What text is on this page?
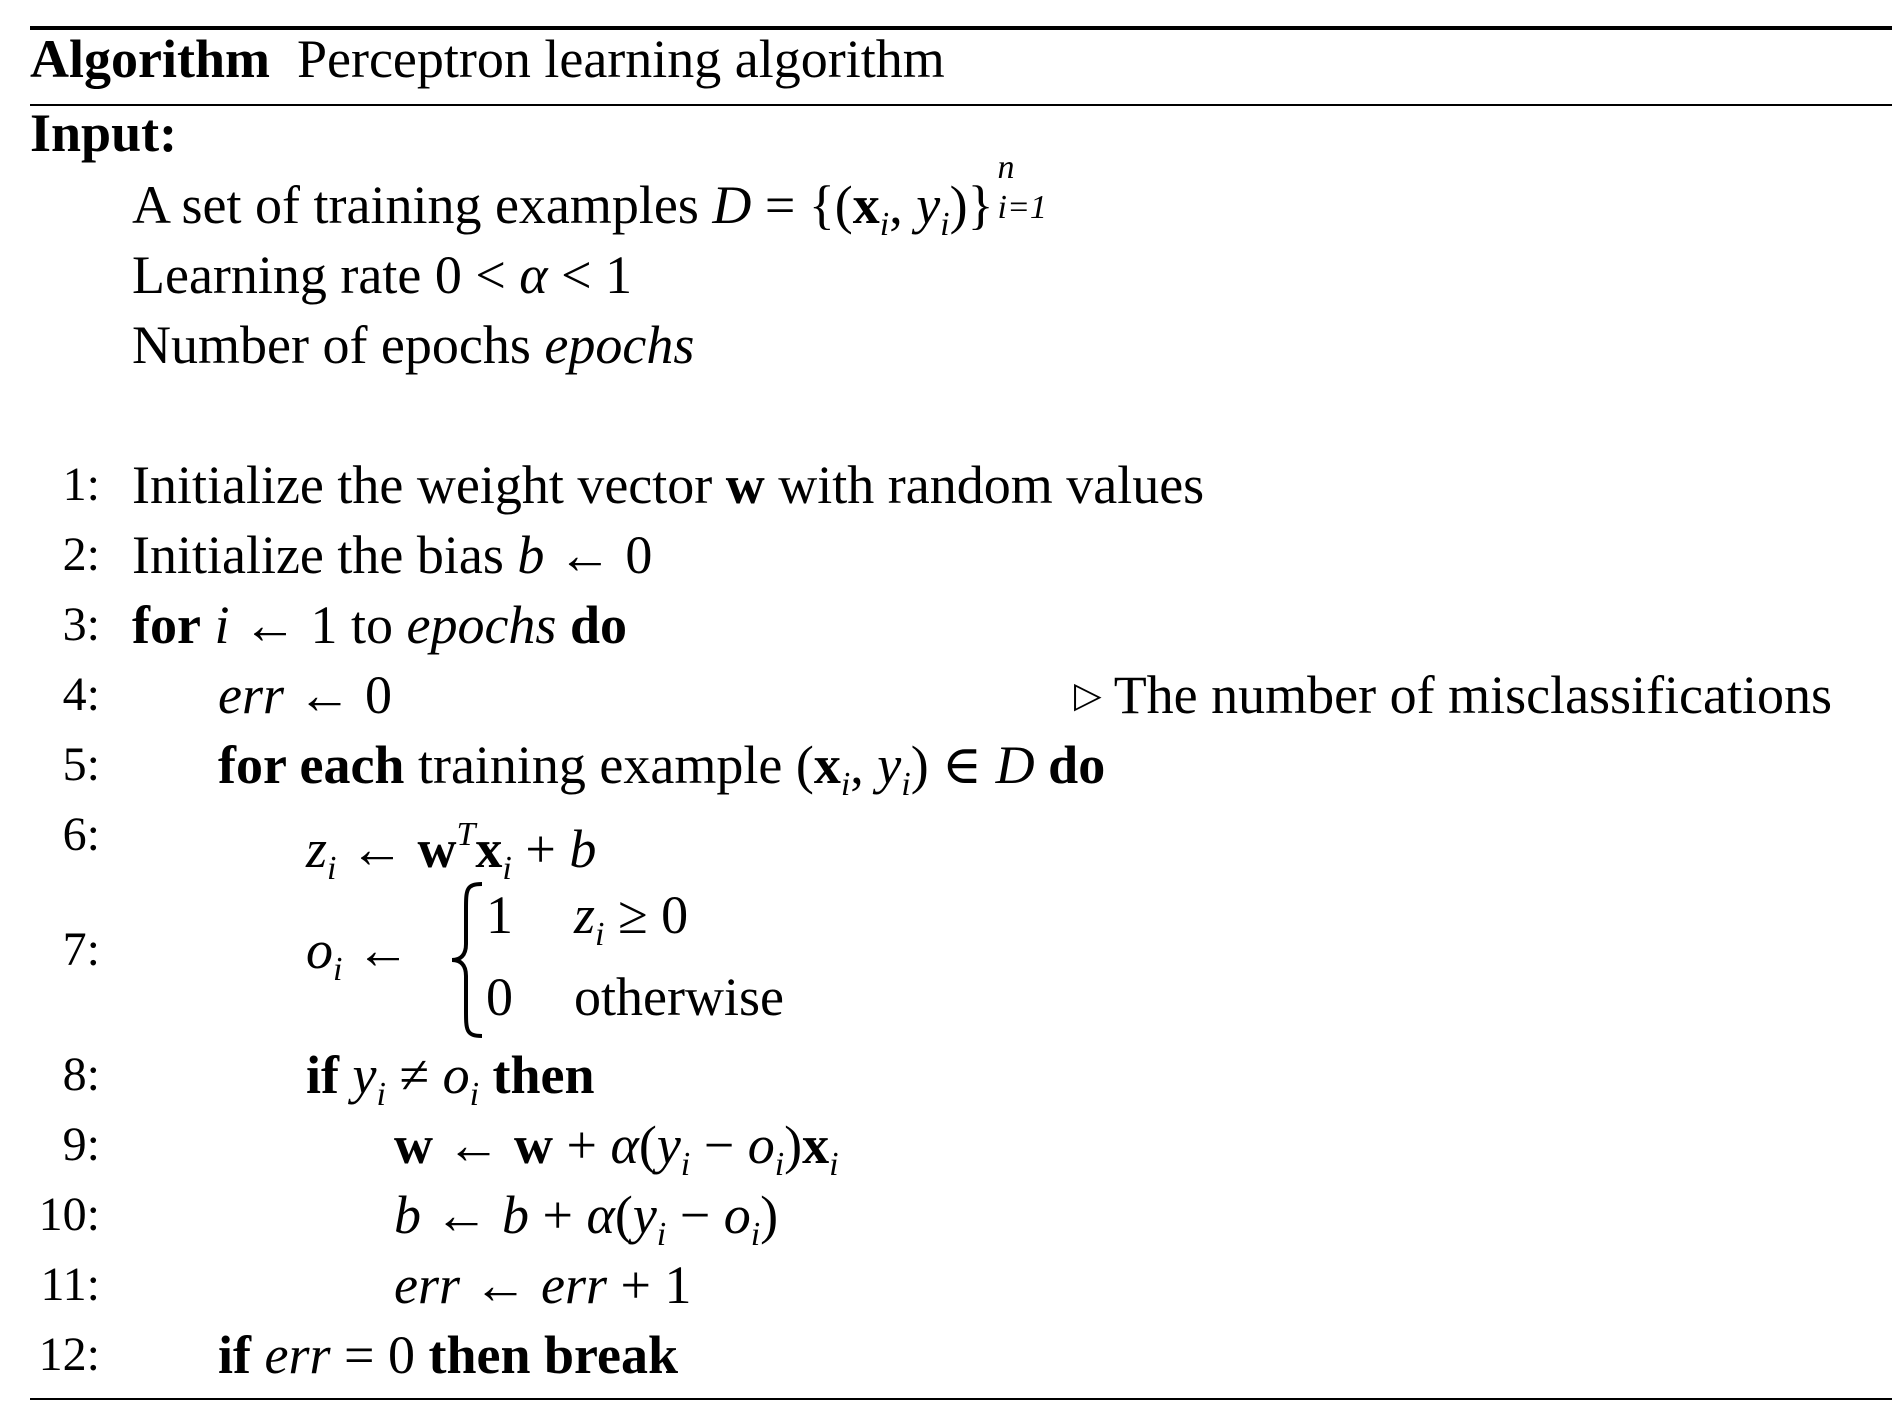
Algorithm Perceptron learning algorithm
Input:
A set of training examples $D = \{(x_i$, $y_i$)}
n
i=1
Learning rate 0 < α < 1
Number of epochs epochs
1: Initialize the weight vector w with random values
2: Initialize the bias b ← 0
3: for i ← 1 to epochs do
4: err ← 0	▷ The number of misclassifications
5: for each training example ($x_i$, $y_i$) ∈ D do
6:	$z_i$ ← $w^Tx_i + b$
7:	$o_i$ ←
1 $z_i \ge 0$
0 otherwise
8:	if $y_i \ne o_i$ then
9:	w ← $w + \alpha(y_i - o_i)x_i$
10:	b ← $b + \alpha(y_i - o_i)$
11:	err ← err + 1
12: if err = 0 then break
